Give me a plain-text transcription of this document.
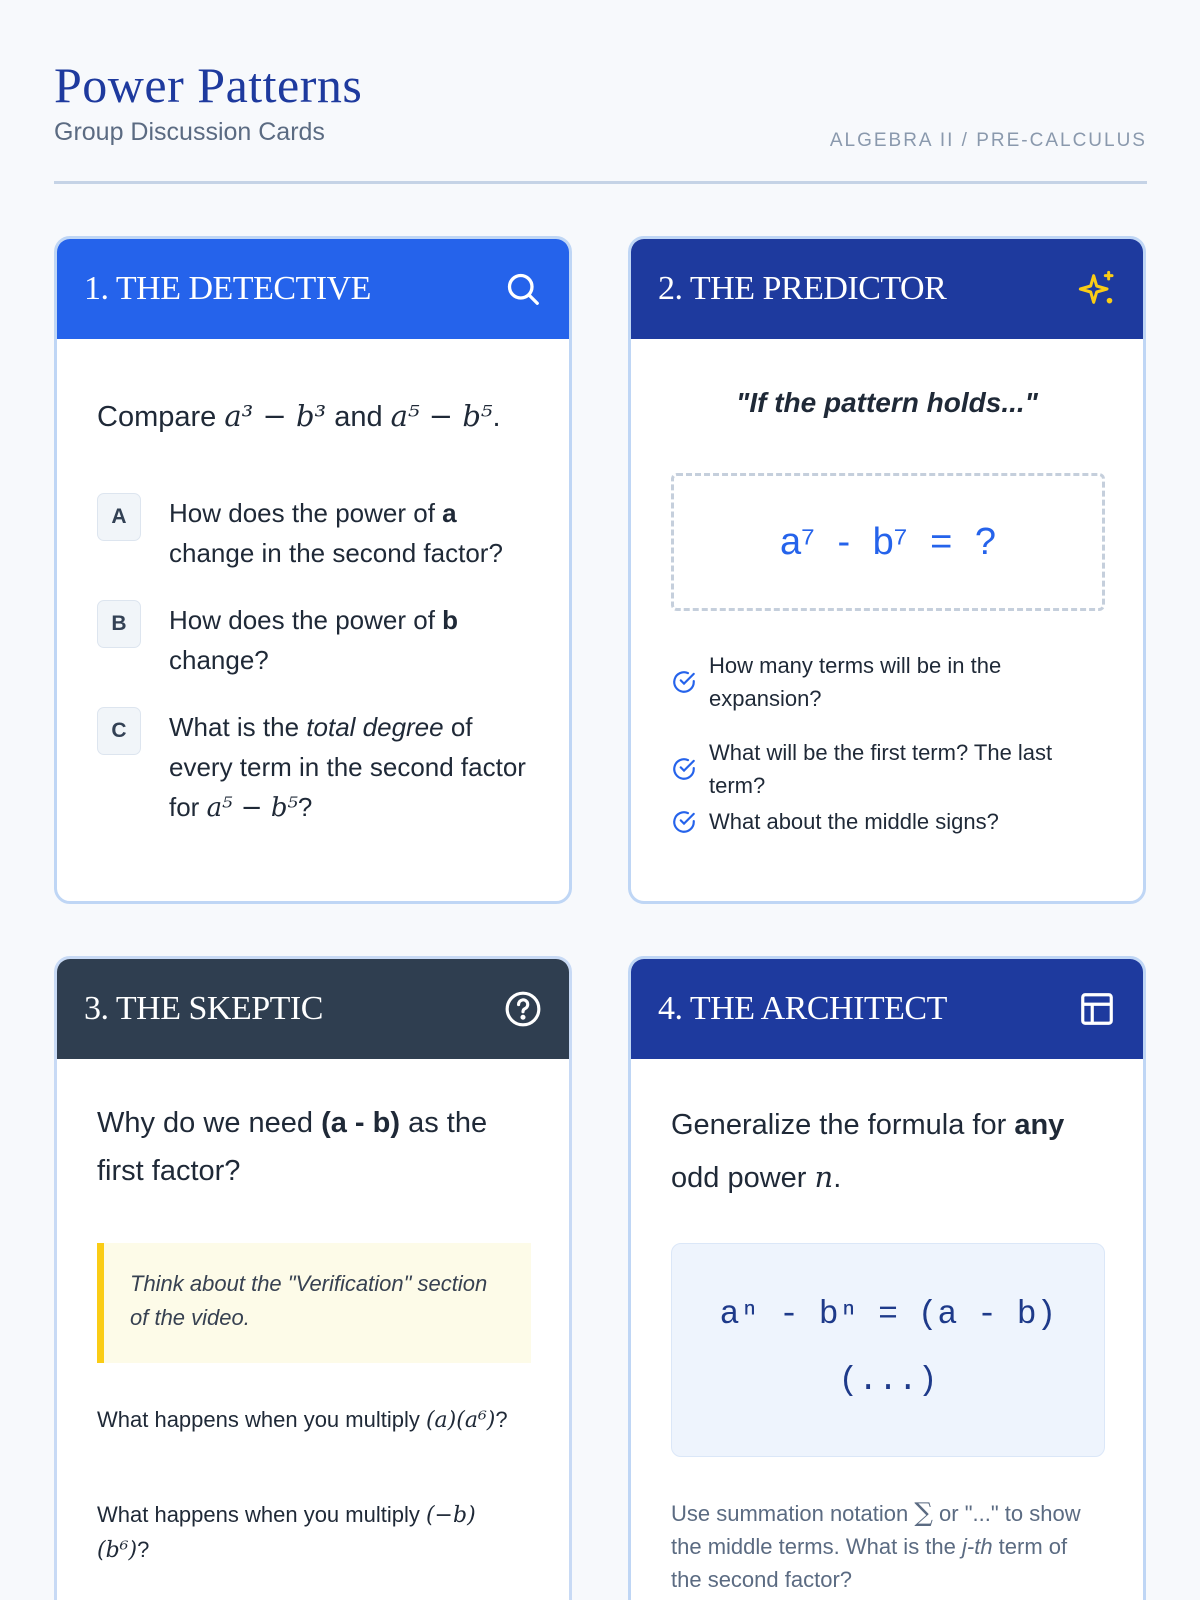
Power Patterns
Group Discussion Cards	ALGEBRA II / PRE-CALCULUS
1. THE DETECTIVE
Compare a³ − b³ and a⁵ − b⁵.
A	How does the power of a change in the second factor?
B	How does the power of b change?
C	What is the total degree of every term in the second factor for a⁵ − b⁵?
2. THE PREDICTOR
"If the pattern holds..."
a⁷ - b⁷ = ?
How many terms will be in the expansion?
What will be the first term? The last term?
What about the middle signs?
3. THE SKEPTIC
Why do we need (a - b) as the first factor?
Think about the "Verification" section of the video.
What happens when you multiply (a)(a⁶)?
What happens when you multiply (−b)(b⁶)?
4. THE ARCHITECT
Generalize the formula for any odd power n.
aⁿ - bⁿ = (a - b)
(...)
Use summation notation ∑ or "..." to show the middle terms. What is the j-th term of the second factor?
